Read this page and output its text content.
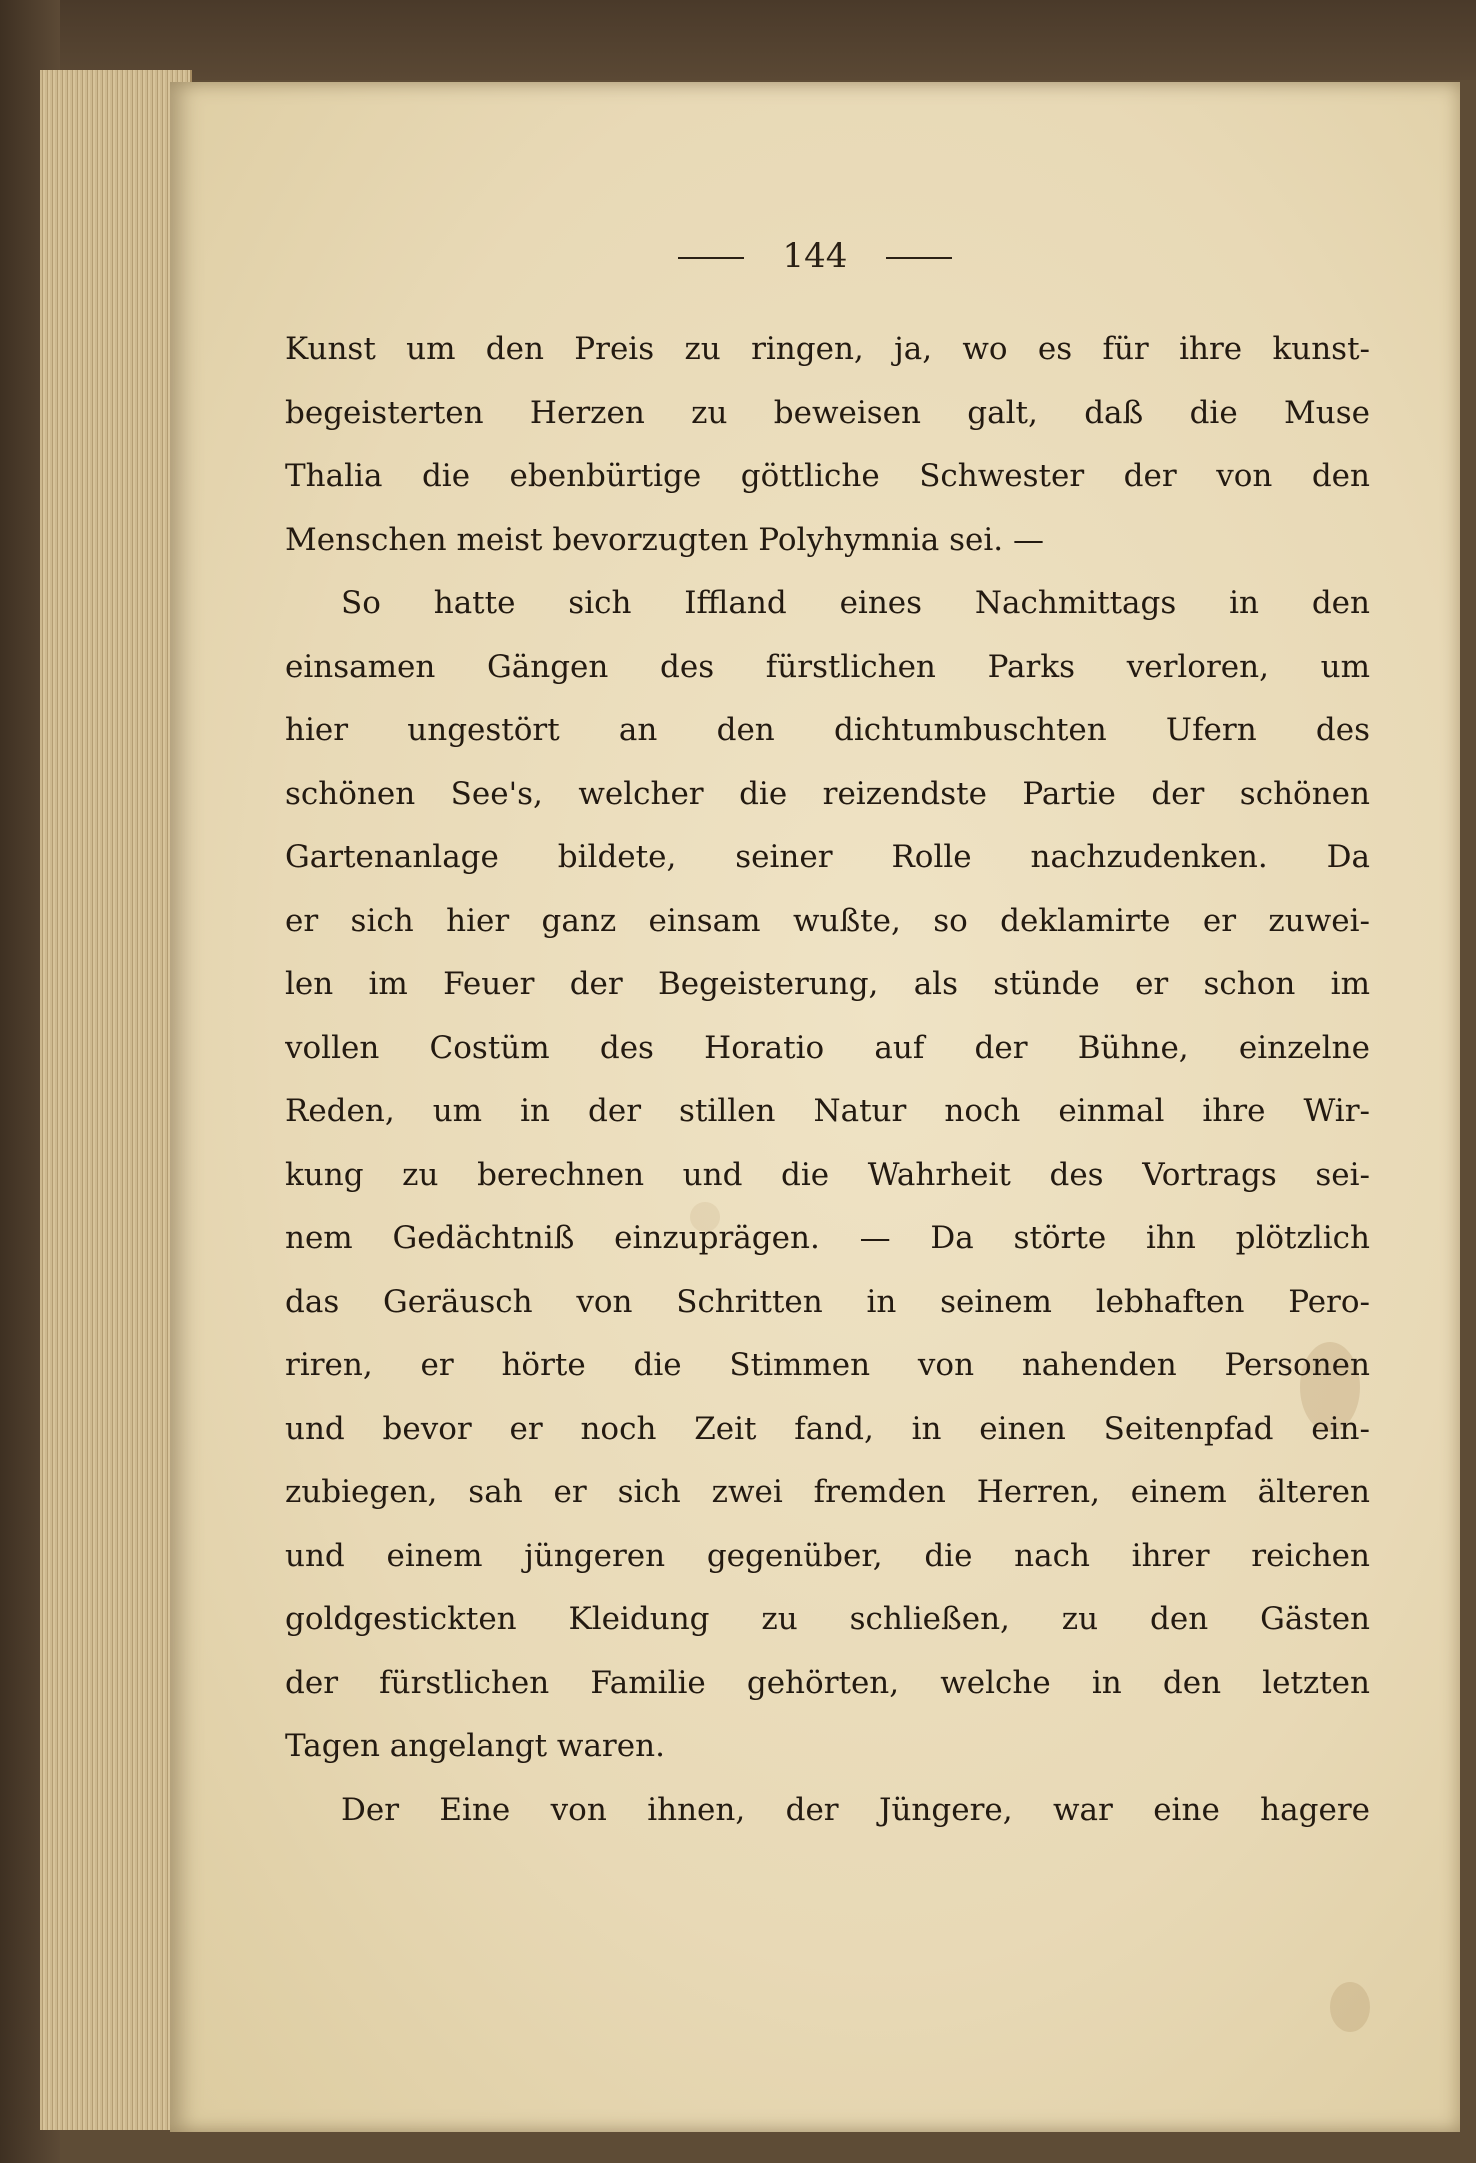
144
Kunst um den Preis zu ringen, ja, wo es für ihre kunst-
begeisterten Herzen zu beweisen galt, daß die Muse
Thalia die ebenbürtige göttliche Schwester der von den
Menschen meist bevorzugten Polyhymnia sei. —
So hatte sich Iffland eines Nachmittags in den
einsamen Gängen des fürstlichen Parks verloren, um
hier ungestört an den dichtumbuschten Ufern des
schönen See's, welcher die reizendste Partie der schönen
Gartenanlage bildete, seiner Rolle nachzudenken. Da
er sich hier ganz einsam wußte, so deklamirte er zuwei-
len im Feuer der Begeisterung, als stünde er schon im
vollen Costüm des Horatio auf der Bühne, einzelne
Reden, um in der stillen Natur noch einmal ihre Wir-
kung zu berechnen und die Wahrheit des Vortrags sei-
nem Gedächtniß einzuprägen. — Da störte ihn plötzlich
das Geräusch von Schritten in seinem lebhaften Pero-
riren, er hörte die Stimmen von nahenden Personen
und bevor er noch Zeit fand, in einen Seitenpfad ein-
zubiegen, sah er sich zwei fremden Herren, einem älteren
und einem jüngeren gegenüber, die nach ihrer reichen
goldgestickten Kleidung zu schließen, zu den Gästen
der fürstlichen Familie gehörten, welche in den letzten
Tagen angelangt waren.
Der Eine von ihnen, der Jüngere, war eine hagere
